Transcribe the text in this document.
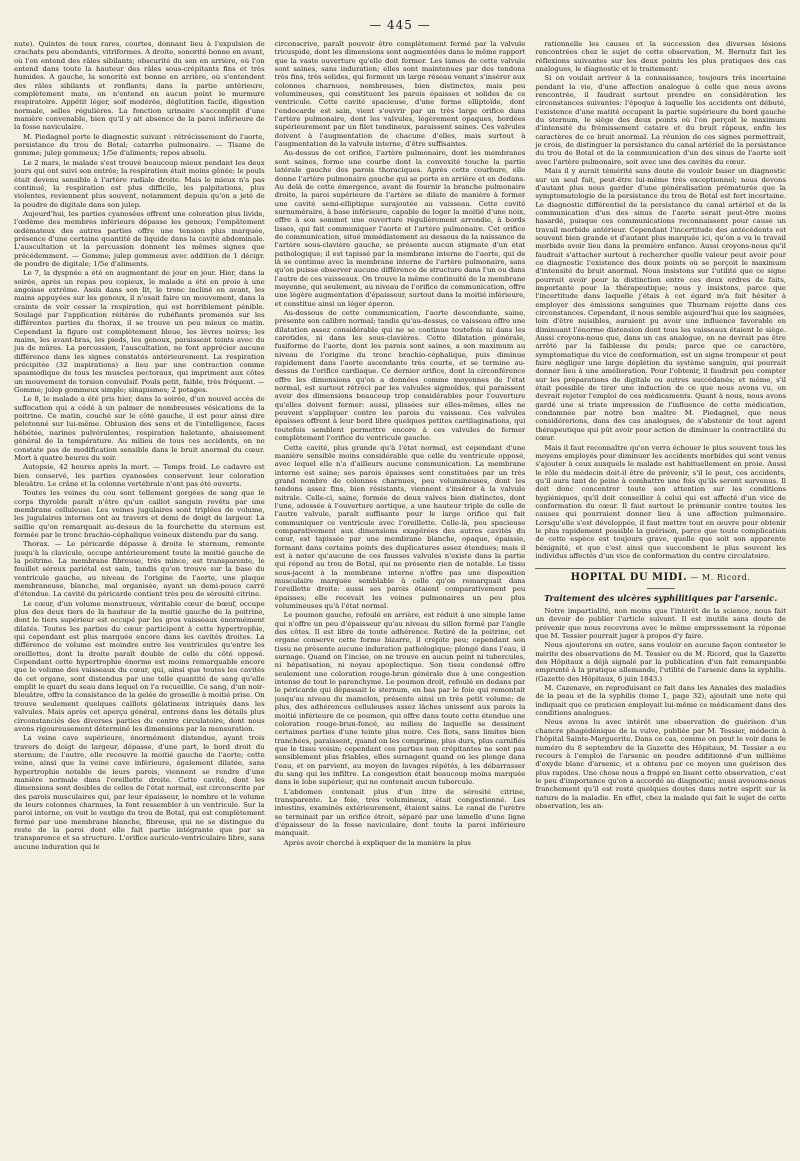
— 445 —

nute). Quintes de toux rares, courtes, donnant lieu à l'expulsion de crachats peu abondants, vitriformes. A droite, sonorité bonne en avant, où l'on entend des râles sibilants; obscurité du son en arrière, où l'on entend dans toute la hauteur des râles sous-crépitants fins et très humides. A gauche, la sonorité est bonne en arrière, où s'entendent des râles sibilants et ronflants; dans la partie antérieure, complètement mate, on n'entend en aucun point le murmure respiratoire. Appétit léger, soif modérée, déglutition facile, digestion normale, selles régulières. La fonction urinaire s'accomplit d'une manière convenable, bien qu'il y ait absence de la paroi inférieure de la fosse naviculaire.

M. Piedagnel porte le diagnostic suivant : rétrécissement de l'aorte, persistance du trou de Botal; catarrhe pulmonaire. — Tisane de gomme; julep gommeux; 1/5e d'aliments; repos absolu.

Le 2 mars, le malade s'est trouvé beaucoup mieux pendant les deux jours qui ont suivi son entrée; la respiration était moins gênée; le pouls était devenu sensible à l'artère radiale droite. Mais le mieux n'a pas continué, la respiration est plus difficile, les palpitations, plus violentes, reviennent plus souvent, notamment depuis qu'on a jeté de la poudre de digitale dans son julep.

Aujourd'hui, les parties cyanosées offrent une coloration plus livide, l'œdème des membres inférieurs dépasse les genoux; l'empâtement œdémateux des autres parties offre une tension plus marquée, présence d'une certaine quantité de liquide dans la cavité abdominale. L'auscultation et la percussion donnent les mêmes signes que précédemment. — Gomme; julep gommeux avec addition de 1 décigr. de poudre de digitale; 1/5e d'aliments.

Le 7, la dyspnée a été en augmentant de jour en jour. Hier, dans la soirée, après un repas peu copieux, le malade a été en proie à une angoisse extrême. Assis dans son lit, le tronc incliné en avant, les mains appuyées sur les genoux, il n'osait faire un mouvement, dans la crainte de voir cesser la respiration, qui est horriblement pénible. Soulagé par l'application réitérée de rubéfiants promenés sur les différentes parties du thorax, il se trouve un peu mieux ce matin. Cependant la figure est complètement bleue, les lèvres noires; les mains, les avant-bras, les pieds, les genoux, paraissent teints avec du jus de mûres. La percussion, l'auscultation, ne font apprécier aucune différence dans les signes constatés antérieurement. La respiration précipitée (32 inspirations) a lieu par une contraction comme spasmodique de tous les muscles pectoraux, qui impriment aux côtes un mouvement de torsion convulsif. Pouls petit, faible, très fréquent. — Gomme; julep gommeux simple; sinapismes; 2 potages.

Le 8, le malade a été pris hier, dans la soirée, d'un nouvel accès de suffocation qui a cédé à un palmer de nombreuses vésications de la poitrine. Ce matin, couché sur le côté gauche, il est pour ainsi dire pelotonné sur lui-même. Obtusion des sens et de l'intelligence, faces hébétée, narines pulvérulentes, respiration haletante, abaissement général de la température. Au milieu de tous ces accidents, on ne constate pas de modification sensible dans le bruit anormal du cœur. Mort à quatre heures du soir.

Autopsie, 42 heures après la mort. — Temps froid. Le cadavre est bien conservé, les parties cyanosées conservent leur coloration bleuâtre. Le crâne et la colonne vertébrale n'ont pas été ouverts.

Toutes les veines du cou sont tellement gorgées de sang que le corps thyroïde paraît n'être qu'un caillot sanguin revêtu par une membrane celluleuse. Les veines jugulaires sont triplées de volume, les jugulaires internes ont au travers et demi de doigt de largeur. La saillie qu'on remarquait au-dessus de la fourchette du sternum est formée par le tronc brachio-céphalique veineux distendu par du sang.

Thorax. — Le péricarde dépasse à droite le sternum, remonte jusqu'à la clavicule, occupe antérieurement toute la moitié gauche de la poitrine. La membrane fibreuse, très mince, est transparente, le feuillet séreux pariétal est sain, tandis qu'on trouve sur la base du ventricule gauche, au niveau de l'origine de l'aorte, une plaque membraneuse, blanche, mal organisée, ayant un demi-pouce carré d'étendue. La cavité du péricarde contient très peu de sérosité citrine.

Le cœur, d'un volume monstrueux, véritable cœur de bœuf, occupe plus des deux tiers de la hauteur de la moitié gauche de la poitrine, dont le tiers supérieur est occupé par les gros vaisseaux énormément dilatés. Toutes les parties du cœur participent à cette hypertrophie, qui cependant est plus marquée encore dans les cavités droites. La différence de volume est moindre entre les ventricules qu'entre les oreillettes, dont la droite paraît double de celle du côté opposé. Cependant cette hypertrophie énorme est moins remarquable encore que le volume des vaisseaux du cœur, qui, ainsi que toutes les cavités de cet organe, sont distendus par une telle quantité de sang qu'elle emplit le quart du seau dans lequel on l'a recueillie. Ce sang, d'un noir-bleuâtre, offre la consistance de la gelée de groseille à moitié prise. On trouve seulement quelques caillots gélatineux intriqués dans les valvules. Mais après cet aperçu général, entrons dans les détails plus circonstanciés des diverses parties du centre circulatoire, dont nous avons rigoureusement déterminé les dimensions par la mensuration.

La veine cave supérieure, énormément distendue, ayant trois travers de doigt de largeur, dépasse, d'une part, le bord droit du sternum; de l'autre, elle recouvre la moitié gauche de l'aorte; cette veine, ainsi que la veine cave inférieure, également dilatée, sans hypertrophie notable de leurs parois, viennent se rendre d'une manière normale dans l'oreillette droite. Cette cavité, dont les dimensions sont doubles de celles de l'état normal, est circonscrite par des parois musculaires qui, par leur épaisseur, le nombre et le volume de leurs colonnes charnues, la font ressembler à un ventricule. Sur la paroi interne, on voit le vestige du trou de Botal, qui est complètement fermé par une membrane blanche, fibreuse, qui ne se distingue du reste de la paroi dont elle fait partie intégrante que par sa transparence et sa structure. L'orifice auriculo-ventriculaire libre, sans aucune induration qui le

circonscrive, paraît pouvoir être complètement fermé par la valvule tricuspide, dont les dimensions sont augmentées dans le même rapport que la vaste ouverture qu'elle doit fermer. Les lames de cette valvule sont saines, sans induration; elles sont maintenues par des tendons très fins, très solides, qui forment un large réseau venant s'insérer aux colonnes charnues, nombreuses, bien distinctes, mais peu volumineuses, qui constituent les parois épaisses et solides de ce ventricule. Cette cavité spacieuse, d'une forme elliptoïde, dont l'endocarde est sain, vient s'ouvrir par un très large orifice dans l'artère pulmonaire, dont les valvules, légèrement opaques, bordées supérieurement par un filet tendineux, paraissent saines. Ces valvules doivent à l'augmentation de chacune d'elles, mais surtout à l'augmentation de la valvule interne, d'être suffisantes.

Au-dessus de cet orifice, l'artère pulmonaire, dont les membranes sont saines, forme une courbe dont la convexité touche la partie latérale gauche des parois thoraciques. Après cette courbure, elle donne l'artère pulmonaire gauche qui se porte en arrière et en dedans. Au delà de cette émergence, avant de fournir la branche pulmonaire droite, la paroi supérieure de l'artère se dilate de manière à former une cavité semi-elliptique surajoutée au vaisseau. Cette cavité surnuméraire, à base inférieure, capable de loger la moitié d'une noix, offre à son sommet une ouverture régulièrement arrondie, à bords lisses, qui fait communiquer l'aorte et l'artère pulmonaire. Cet orifice de communication, situé immédiatement au dessous de la naissance de l'artère sous-clavière gauche, se présente aucun stigmate d'un état pathologique; il est tapissé par la membrane interne de l'aorte, qui de là se continue avec la membrane interne de l'artère pulmonaire, sans qu'on puisse observer aucune différence de structure dans l'un ou dans l'autre de ces vaisseaux. On trouve la même continuité de la membrane moyenne, qui seulement, au niveau de l'orifice de communication, offre une légère augmentation d'épaisseur, surtout dans la moitié inférieure, et constitue ainsi un léger éperon.

Au-dessous de cette communication, l'aorte descendante, saine, présente son calibre normal; tandis qu'au-dessus, ce vaisseau offre une dilatation assez considérable qui ne se continue toutefois ni dans les carotides, ni dans les sous-clavières. Cette dilatation générale, fusiforme de l'aorte, dont les parois sont saines, a son maximum au niveau de l'origine du tronc brachio-céphalique, puis diminue rapidement dans l'aorte ascendante très courte, et se termine au-dessus de l'orifice cardiaque. Ce dernier orifice, dont la circonférence offre les dimensions qu'on a données comme moyennes de l'état normal, est surtout rétréci par les valvules sigmoïdes, qui paraissent avoir des dimensions beaucoup trop considérables pour l'ouverture qu'elles doivent fermer: aussi, plissées sur elles-mêmes, elles ne peuvent s'appliquer contre les parois du vaisseau. Ces valvules épaisses offrent à leur bord libre quelques petites cartilaginations, qui toutefois semblent permettre encore à ces valvules de fermer complètement l'orifice du ventricule gauche.

Cette cavité, plus grande qu'à l'état normal, est cependant d'une manière sensible moins considérable que celle du ventricule opposé, avec lequel elle n'a d'ailleurs aucune communication. La membrane interne est saine; ses parois épaisses sont constituées par un très grand nombre de colonnes charnues, peu volumineuses, dont les tendons assez fins, bien résistants, viennent s'insérer à la valvule mitrale. Celle-ci, saine, formée de deux valves bien distinctes, dont l'une, adossée à l'ouverture aortique, a une hauteur triple de celle de l'autre valvule, paraît suffisante pour le large orifice qui fait communiquer ce ventricule avec l'oreillette. Celle-là, peu spacieuse comparativement aux dimensions exagérées des autres cavités du cœur, est tapissée par une membrane blanche, opaque, épaissie, formant dans certains points des duplicatures assez étendues; mais il est à noter qu'aucune de ces fausses valvules n'existe dans la partie qui répond au trou de Botal, qui ne présente rien de notable. Le tissu sous-jacent à la membrane interne n'offre pas une disposition musculaire marquée semblable à celle qu'on remarquait dans l'oreillette droite: aussi ses parois étaient comparativement peu épaisses; elle recevait les veines pulmonaires un peu plus volumineuses qu'à l'état normal.

Le poumon gauche, refoulé en arrière, est réduit à une simple lame qui n'offre un peu d'épaisseur qu'au niveau du sillon formé par l'angle des côtes. Il est libre de toute adhérence. Retiré de la poitrine, cet organe conserve cette forme bizarre, il crépite peu; cependant son tissu ne présente aucune induration pathologique; plongé dans l'eau, il surnage. Quand on l'incise, on ne trouve en aucun point ni tubercules, ni hépatisation, ni noyau apoplectique. Son tissu condensé offre seulement une coloration rouge-brun générale due à une congestion intense de tout le parenchyme. Le poumon droit, refoulé en dedans par le péricarde qui dépassait le sternum, en bas par le foie qui remontait jusqu'au niveau du mamelon, présente ainsi un très petit volume; de plus, des adhérences celluleuses assez lâches unissent aux parois la moitié inférieure de ce poumon, qui offre dans toute cette étendue une coloration rouge-brun-foncé, au milieu de laquelle se dessinent certaines parties d'une teinte plus noire. Ces îlots, sans limites bien tranchées, paraissent, quand on les comprime, plus durs, plus carnifiés que le tissu voisin; cependant ces parties non crépitantes ne sont pas sensiblement plus friables, elles surnagent quand on les plonge dans l'eau, et on parvient, au moyen de lavages répétés, à les débarrasser du sang qui les infiltre. La congestion était beaucoup moins marquée dans le lobe supérieur, qui ne contenait aucun tubercule.

L'abdomen contenait plus d'un litre de sérosité citrine, transparente. Le foie, très volumineux, était congestionné. Les intestins, examinés extérieurement, étaient sains. Le canal de l'urètre se terminait par un orifice étroit, séparé par une lamelle d'une ligne d'épaisseur de la fosse naviculaire, dont toute la paroi inférieure manquait.

Après avoir cherché à expliquer de la manière la plus

rationnelle les causes et la succession des diverses lésions rencontrées chez le sujet de cette observation, M. Bernutz fait les réflexions suivantes sur les deux points les plus pratiques des cas analogues, le diagnostic et le traitement:

Si on voulait arriver à la connaissance, toujours très incertaine pendant la vie, d'une affection analogue à celle que nous avons rencontrée, il faudrait surtout prendre en considération les circonstances suivantes: l'époque à laquelle les accidents ont débuté, l'existence d'une matité occupant la partie supérieure du bord gauche du sternum, le siège des deux points où l'on perçoit le maximum d'intensité du frémissement cataire et du bruit râpeux, enfin les caractères de ce bruit anormal. La réunion de ces signes permettrait, je crois, de distinguer la persistance du canal artériel de la persistance du trou de Botal et de la communication d'un des sinus de l'aorte soit avec l'artère pulmonaire, soit avec une des cavités du cœur.

Mais il y aurait témérité sans doute de vouloir baser un diagnostic sur un seul fait, peut-être lui-même très exceptionnel; nous devons d'autant plus nous garder d'une généralisation prématurée que la symptomatologie de la persistance du trou de Botal est fort incertaine. Le diagnostic différentiel de la persistance du canal artériel et de la communication d'un des sinus de l'aorte serait peut-être moins hasardé, puisque ces communications reconnaissent pour cause un travail morbide antérieur. Cependant l'incertitude des antécédents est souvent bien grande et d'autant plus marquée ici, qu'on a vu le travail morbide avoir lieu dans la première enfance. Aussi croyons-nous qu'il faudrait s'attacher surtout à rechercher quelle valeur peut avoir pour ce diagnostic l'existence des deux points où se perçoit le maximum d'intensité du bruit anormal. Nous insistons sur l'utilité que ce signe pourrait avoir pour la distinction entre ces deux ordres de faits, importante pour la thérapeutique; nous y insistons, parce que l'incertitude dans laquelle j'étais à cet égard m'a fait hésiter à employer des émissions sanguines que Thurnam rejette dans ces circonstances. Cependant, il nous semble aujourd'hui que les saignées, loin d'être nuisibles, auraient pu avoir une influence favorable en diminuant l'énorme distension dont tous les vaisseaux étaient le siège. Aussi croyons-nous que, dans un cas analogue, on ne devrait pas être arrêté par la faiblesse du pouls; parce que ce caractère, symptomatique du vice de conformation, est un signe trompeur et peut faire négliger une large déplétion du système sanguin, qui pourrait donner lieu à une amélioration. Pour l'obtenir, il faudrait peu compter sur les préparations de digitale ou autres succédanés; et même, s'il était possible de tirer une induction de ce que nous avons vu, on devrait rejeter l'emploi de ces médicaments. Quant à nous, nous avons gardé une si triste impression de l'influence de cette médication, condamnée par notre bon maître M. Piedagnel, que nous considérerions, dans des cas analogues, de s'abstenir de tout agent thérapeutique qui pût avoir pour action de diminuer la contractilité du cœur.

Mais il faut reconnaître qu'on verra échouer le plus souvent tous les moyens employés pour diminuer les accidents morbides qui sont venus s'ajouter à ceux auxquels le malade est habituellement en proie. Aussi le rôle du médecin doit-il être de prévenir, s'il le peut, ces accidents, qu'il aura tant de peine à combattre une fois qu'ils seront survenus. Il doit donc concentrer toute son attention sur les conditions hygiéniques, qu'il doit conseiller à celui qui est affecté d'un vice de conformation du cœur. Il faut surtout le prémunir contre toutes les causes qui pourraient donner lieu à une affection pulmonaire. Lorsqu'elle s'est développée, il faut mettre tout en œuvre pour obtenir le plus rapidement possible la guérison, parce que toute complication de cette espèce est toujours grave, quelle que soit son apparente bénignité, et que c'est ainsi que succombent le plus souvent les individus affectés d'un vice de conformation du centre circulatoire.

HOPITAL DU MIDI. — M. Ricord.
Traitement des ulcères syphilitiques par l'arsenic.

Notre impartialité, non moins que l'intérêt de la science, nous fait un devoir de publier l'article suivant. Il est inutile sans doute de prévenir que nous recevrons avec le même empressement la réponse que M. Tessier pourrait juger à propos d'y faire.

Nous ajouterons en outre, sans vouloir en aucune façon contester le mérite des observations de M. Tessier ou de M. Ricord, que la Gazette des Hôpitaux a déjà signalé par la publication d'un fait remarquable emprunté à la pratique allemande, l'utilité de l'arsenic dans la syphilis. (Gazette des Hôpitaux, 6 juin 1843.)

M. Cazenave, en reproduisant ce fait dans les Annales des maladies de la peau et de la syphilis (tome 1, page 32), ajoutait une note qui indiquait que ce praticien employait lui-même ce médicament dans des conditions analogues.

Nous avons lu avec intérêt une observation de guérison d'un chancre phagédénique de la vulve, publiée par M. Tessier, médecin à l'hôpital Sainte-Marguerite. Dans ce cas, comme on peut le voir dans le numéro du 8 septembre de la Gazette des Hôpitaux, M. Tessier a eu recours à l'emploi de l'arsenic en poudre additionné d'un millième d'oxyde blanc d'arsenic, et a obtenu par ce moyen une guérison des plus rapides. Une chose nous a frappé en lisant cette observation, c'est le peu d'importance qu'on a accordé au diagnostic; aussi avouons-nous franchement qu'il est resté quelques doutes dans notre esprit sur la nature de la maladie. En effet, chez la malade qui fait le sujet de cette observation, les an-
